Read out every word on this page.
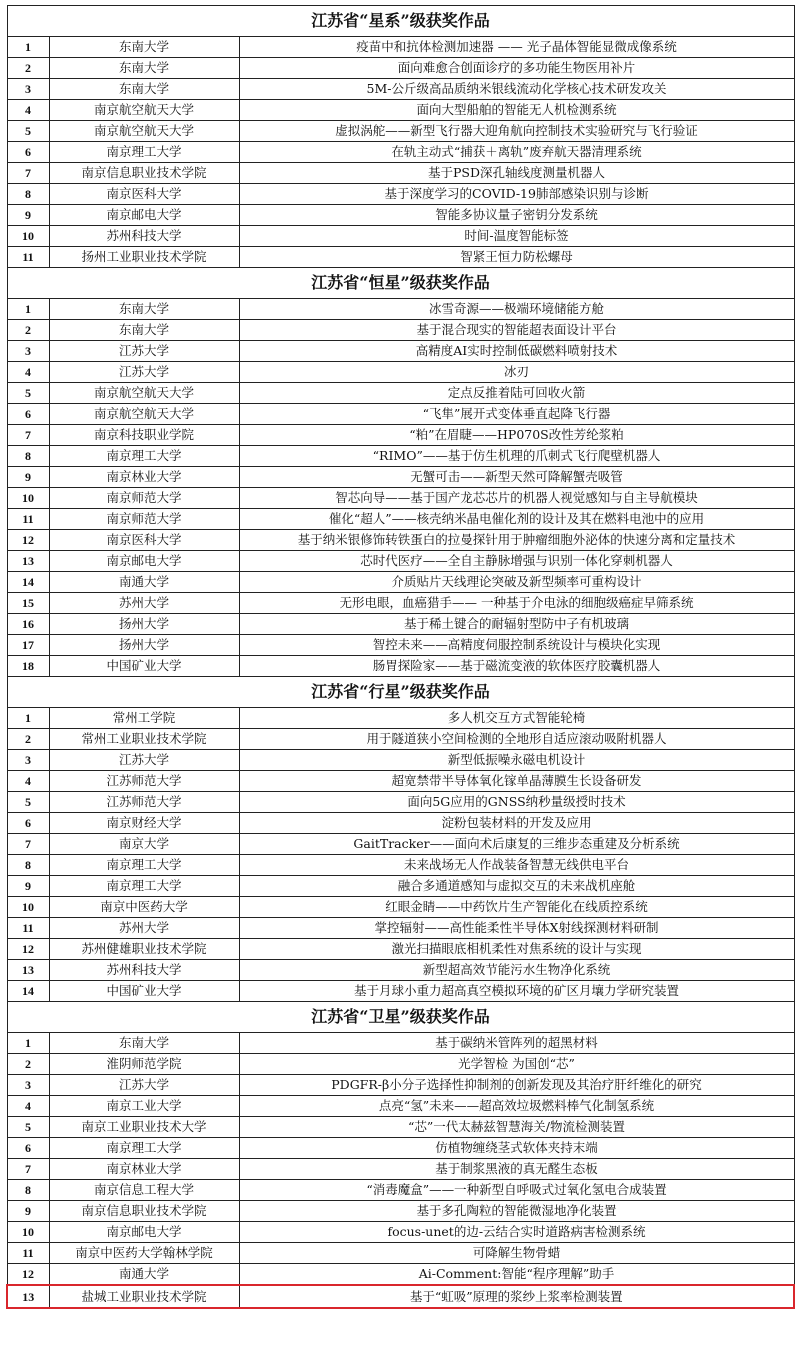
江苏省“星系”级获奖作品		
1	东南大学	疫苗中和抗体检测加速器 —— 光子晶体智能显微成像系统
2	东南大学	面向难愈合创面诊疗的多功能生物医用补片
3	东南大学	5M-公斤级高品质纳米银线流动化学核心技术研发攻关
4	南京航空航天大学	面向大型船舶的智能无人机检测系统
5	南京航空航天大学	虚拟涡舵——新型飞行器大迎角航向控制技术实验研究与飞行验证
6	南京理工大学	在轨主动式“捕获＋离轨”废弃航天器清理系统
7	南京信息职业技术学院	基于PSD深孔轴线度测量机器人
8	南京医科大学	基于深度学习的COVID-19肺部感染识别与诊断
9	南京邮电大学	智能多协议量子密钥分发系统
10	苏州科技大学	时间-温度智能标签
11	扬州工业职业技术学院	智紧王恒力防松螺母
江苏省“恒星”级获奖作品		
1	东南大学	冰雪奇源——极端环境储能方舱
2	东南大学	基于混合现实的智能超表面设计平台
3	江苏大学	高精度AI实时控制低碳燃料喷射技术
4	江苏大学	冰刃
5	南京航空航天大学	定点反推着陆可回收火箭
6	南京航空航天大学	“飞隼”展开式变体垂直起降飞行器
7	南京科技职业学院	“粕”在眉睫——HP070S改性芳纶浆粕
8	南京理工大学	“RIMO”——基于仿生机理的爪刺式飞行爬壁机器人
9	南京林业大学	无蟹可击——新型天然可降解蟹壳吸管
10	南京师范大学	智芯向导——基于国产龙芯芯片的机器人视觉感知与自主导航模块
11	南京师范大学	催化“超人”——核壳纳米晶电催化剂的设计及其在燃料电池中的应用
12	南京医科大学	基于纳米银修饰转铁蛋白的拉曼探针用于肿瘤细胞外泌体的快速分离和定量技术
13	南京邮电大学	芯时代医疗——全自主静脉增强与识别一体化穿刺机器人
14	南通大学	介质贴片天线理论突破及新型频率可重构设计
15	苏州大学	无形电眼，血癌猎手—— 一种基于介电泳的细胞级癌症早筛系统
16	扬州大学	基于稀土键合的耐辐射型防中子有机玻璃
17	扬州大学	智控未来——高精度伺服控制系统设计与模块化实现
18	中国矿业大学	肠胃探险家——基于磁流变液的软体医疗胶囊机器人
江苏省“行星”级获奖作品		
1	常州工学院	多人机交互方式智能轮椅
2	常州工业职业技术学院	用于隧道狭小空间检测的全地形自适应滚动吸附机器人
3	江苏大学	新型低振噪永磁电机设计
4	江苏师范大学	超宽禁带半导体氧化镓单晶薄膜生长设备研发
5	江苏师范大学	面向5G应用的GNSS纳秒量级授时技术
6	南京财经大学	淀粉包装材料的开发及应用
7	南京大学	GaitTracker——面向术后康复的三维步态重建及分析系统
8	南京理工大学	未来战场无人作战装备智慧无线供电平台
9	南京理工大学	融合多通道感知与虚拟交互的未来战机座舱
10	南京中医药大学	红眼金睛——中药饮片生产智能化在线质控系统
11	苏州大学	掌控辐射——高性能柔性半导体X射线探测材料研制
12	苏州健雄职业技术学院	激光扫描眼底相机柔性对焦系统的设计与实现
13	苏州科技大学	新型超高效节能污水生物净化系统
14	中国矿业大学	基于月球小重力超高真空模拟环境的矿区月壤力学研究装置
江苏省“卫星”级获奖作品		
1	东南大学	基于碳纳米管阵列的超黑材料
2	淮阴师范学院	光学智检 为国创“芯”
3	江苏大学	PDGFR-β小分子选择性抑制剂的创新发现及其治疗肝纤维化的研究
4	南京工业大学	点亮“氢”未来——超高效垃圾燃料棒气化制氢系统
5	南京工业职业技术大学	“芯”一代太赫兹智慧海关/物流检测装置
6	南京理工大学	仿植物缠绕茎式软体夹持末端
7	南京林业大学	基于制浆黑液的真无醛生态板
8	南京信息工程大学	“消毒魔盒”——一种新型自呼吸式过氧化氢电合成装置
9	南京信息职业技术学院	基于多孔陶粒的智能微湿地净化装置
10	南京邮电大学	focus-unet的边-云结合实时道路病害检测系统
11	南京中医药大学翰林学院	可降解生物骨蜡
12	南通大学	Ai-Comment:智能“程序理解”助手
13	盐城工业职业技术学院	基于“虹吸”原理的浆纱上浆率检测装置
